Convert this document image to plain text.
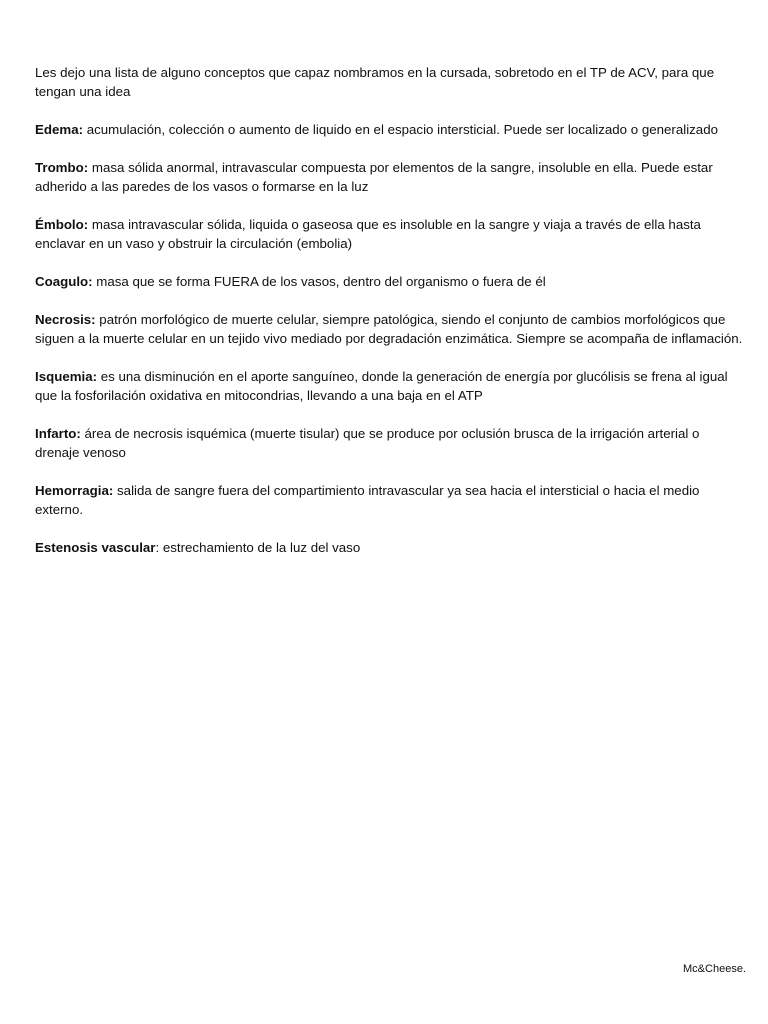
Les dejo una lista de alguno conceptos que capaz nombramos en la cursada, sobretodo en el TP de ACV, para que tengan una idea

Edema: acumulación, colección o aumento de liquido en el espacio intersticial. Puede ser localizado o generalizado

Trombo: masa sólida anormal, intravascular compuesta por elementos de la sangre, insoluble en ella. Puede estar adherido a las paredes de los vasos o formarse en la luz

Émbolo: masa intravascular sólida, liquida o gaseosa que es insoluble en la sangre y viaja a través de ella hasta enclavar en un vaso y obstruir la circulación (embolia)

Coagulo: masa que se forma FUERA de los vasos, dentro del organismo o fuera de él

Necrosis: patrón morfológico de muerte celular, siempre patológica, siendo el conjunto de cambios morfológicos que siguen a la muerte celular en un tejido vivo mediado por degradación enzimática. Siempre se acompaña de inflamación.

Isquemia: es una disminución en el aporte sanguíneo, donde la generación de energía por glucólisis se frena al igual que la fosforilación oxidativa en mitocondrias, llevando a una baja en el ATP

Infarto: área de necrosis isquémica (muerte tisular) que se produce por oclusión brusca de la irrigación arterial o drenaje venoso

Hemorragia: salida de sangre fuera del compartimiento intravascular ya sea hacia el intersticial o hacia el medio externo.

Estenosis vascular: estrechamiento de la luz del vaso

Mc&Cheese.
